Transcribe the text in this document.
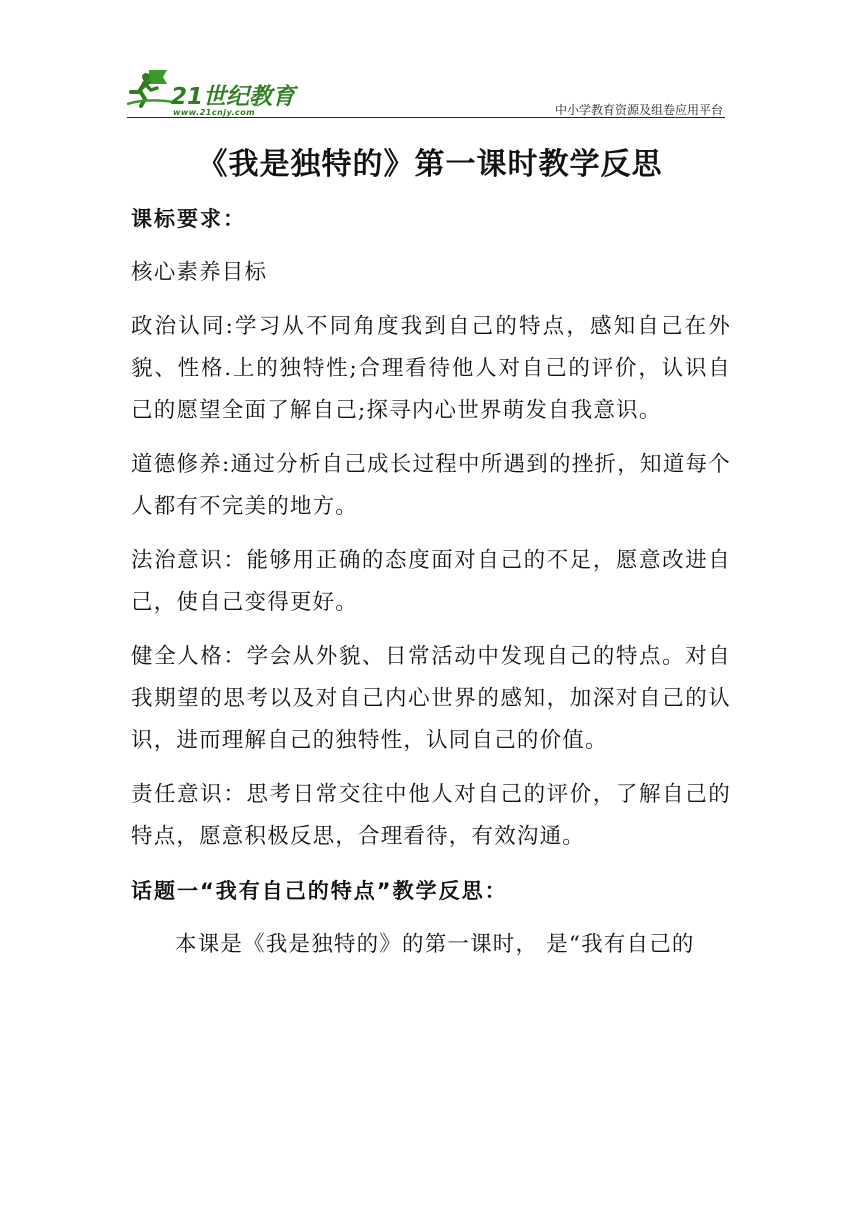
21世纪教育
www.21cnjy.com	中小学教育资源及组卷应用平台
《我是独特的》第一课时教学反思

课标要求：

核心素养目标

政治认同:学习从不同角度我到自己的特点，感知自己在外貌、性格.上的独特性;合理看待他人对自己的评价，认识自己的愿望全面了解自己;探寻内心世界萌发自我意识。

道德修养:通过分析自己成长过程中所遇到的挫折，知道每个人都有不完美的地方。

法治意识：能够用正确的态度面对自己的不足，愿意改进自己，使自己变得更好。

健全人格：学会从外貌、日常活动中发现自己的特点。对自我期望的思考以及对自己内心世界的感知，加深对自己的认识，进而理解自己的独特性，认同自己的价值。

责任意识：思考日常交往中他人对自己的评价，了解自己的特点，愿意积极反思，合理看待，有效沟通。

话题一“我有自己的特点”教学反思：

本课是《我是独特的》的第一课时， 是“我有自己的
